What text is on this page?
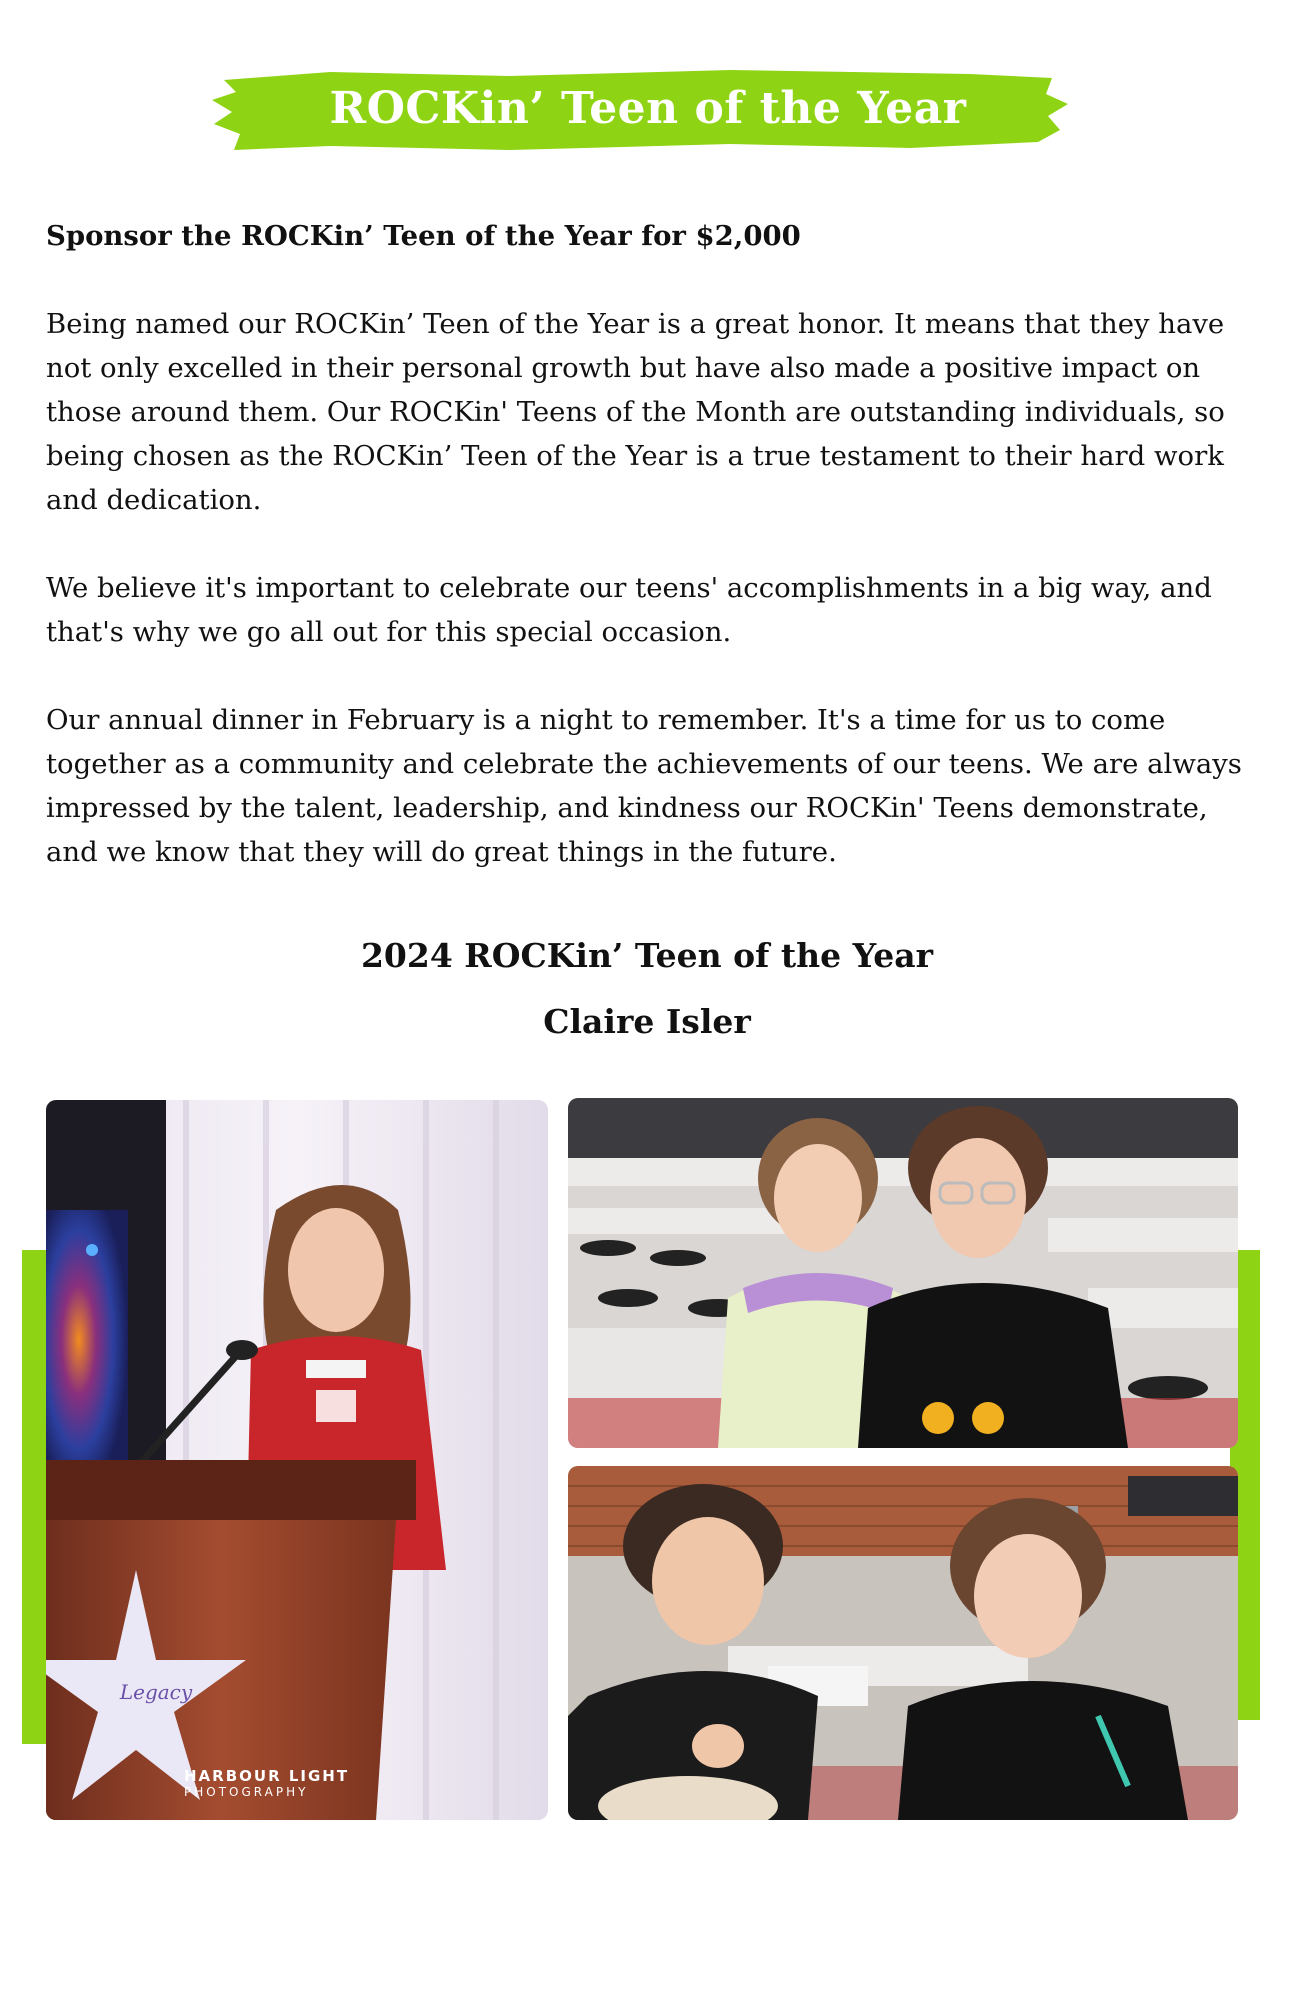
ROCKin’ Teen of the Year

Sponsor the ROCKin’ Teen of the Year for $2,000

Being named our ROCKin’ Teen of the Year is a great honor. It means that they have not only excelled in their personal growth but have also made a positive impact on those around them. Our ROCKin' Teens of the Month are outstanding individuals, so being chosen as the ROCKin’ Teen of the Year is a true testament to their hard work and dedication.

We believe it's important to celebrate our teens' accomplishments in a big way, and that's why we go all out for this special occasion.

Our annual dinner in February is a night to remember. It's a time for us to come together as a community and celebrate the achievements of our teens. We are always impressed by the talent, leadership, and kindness our ROCKin' Teens demonstrate, and we know that they will do great things in the future.

2024 ROCKin’ Teen of the Year
Claire Isler
Legacy
HARBOUR LIGHT
PHOTOGRAPHY
